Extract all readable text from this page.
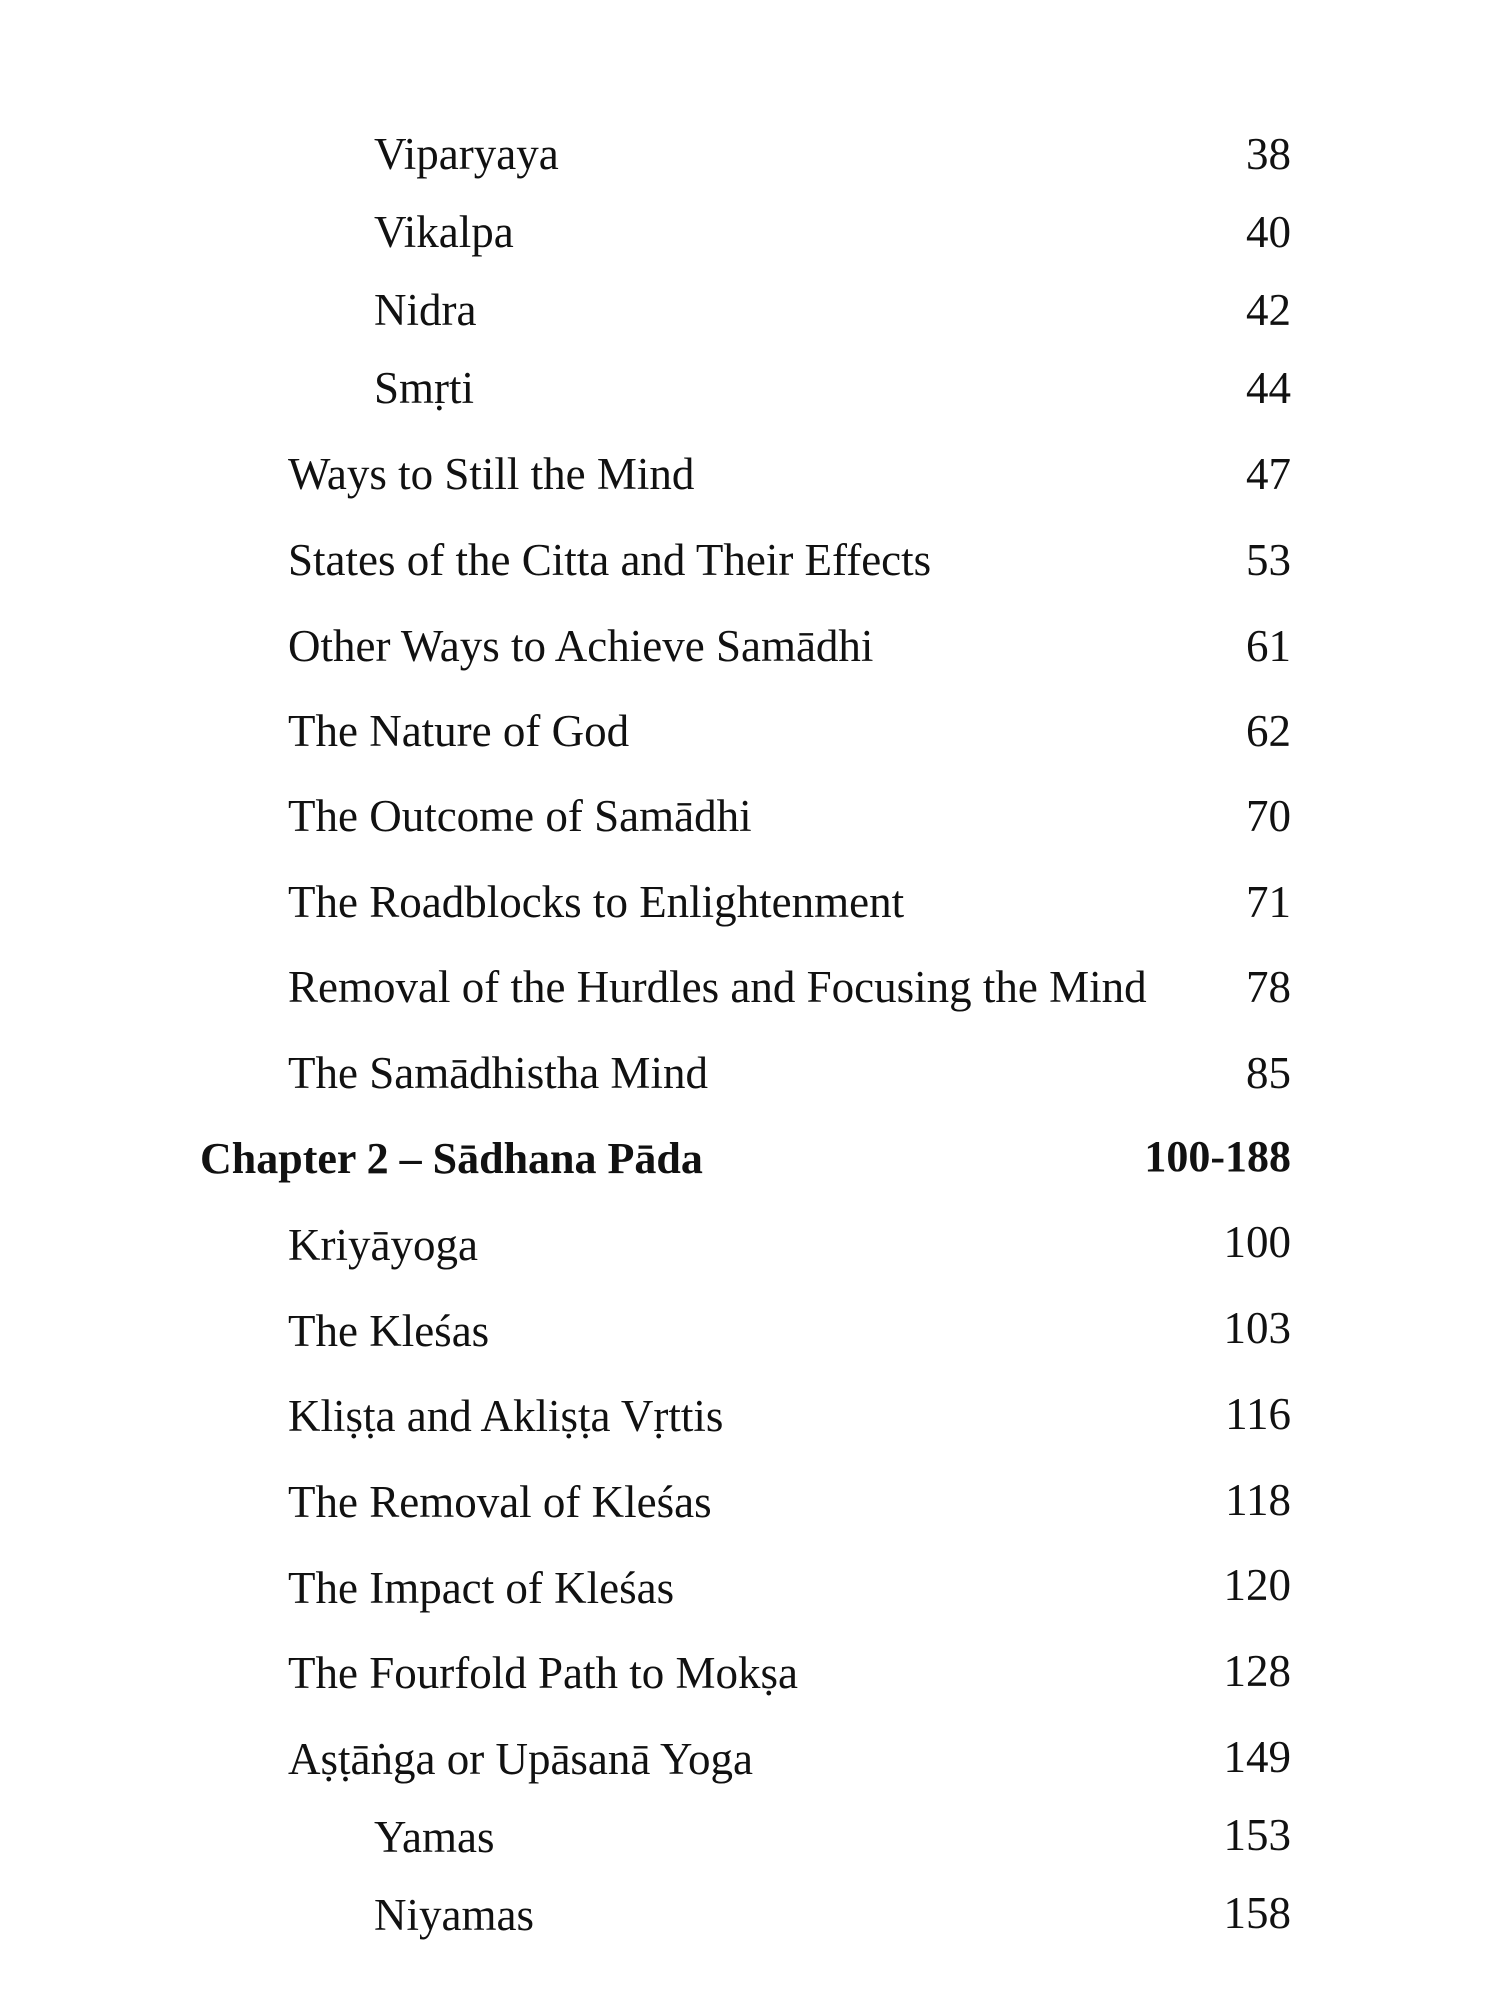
Viparyaya	38
Vikalpa	40
Nidra	42
Smṛti	44
Ways to Still the Mind	47
States of the Citta and Their Effects	53
Other Ways to Achieve Samādhi	61
The Nature of God	62
The Outcome of Samādhi	70
The Roadblocks to Enlightenment	71
Removal of the Hurdles and Focusing the Mind 78
The Samādhistha Mind	85
Chapter 2 – Sādhana Pāda	100-188
Kriyāyoga	100
The Kleśas	103
Kliṣṭa and Akliṣṭa Vṛttis	116
The Removal of Kleśas	118
The Impact of Kleśas	120
The Fourfold Path to Mokṣa	128
Aṣṭāṅga or Upāsanā Yoga	149
Yamas	153
Niyamas	158
